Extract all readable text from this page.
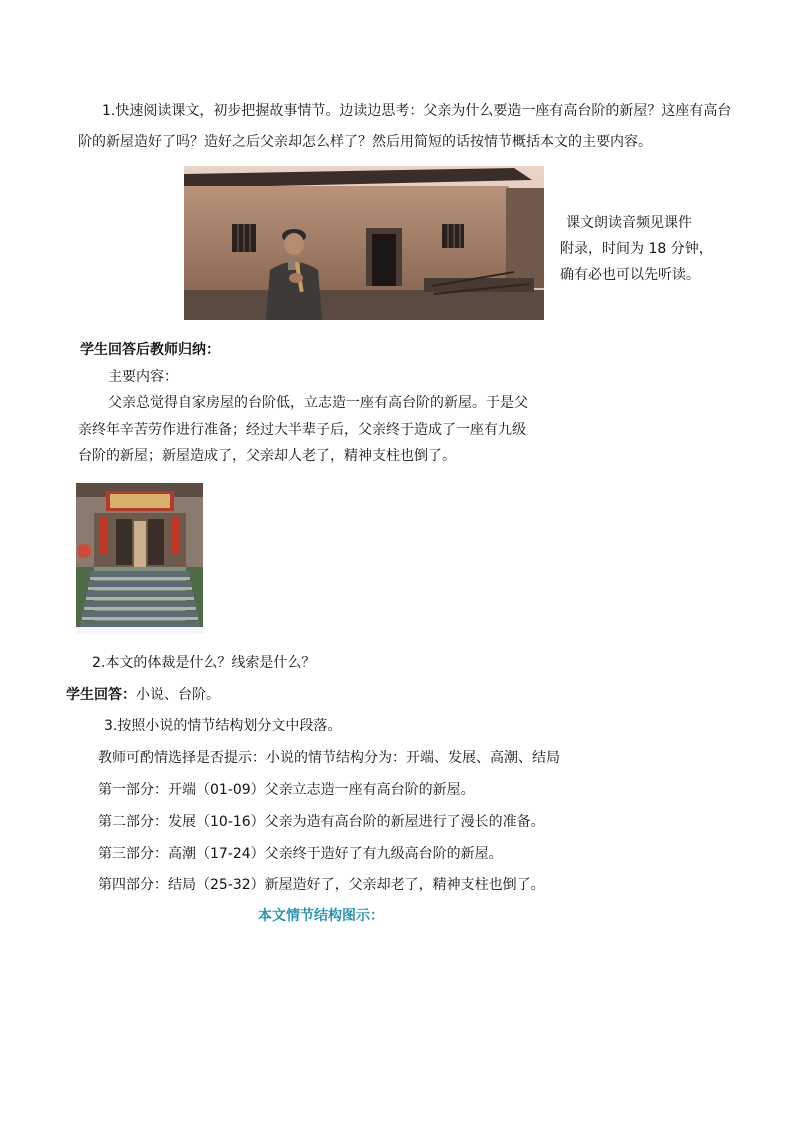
1.快速阅读课文，初步把握故事情节。边读边思考：父亲为什么要造一座有高台阶的新屋？这座有高台
阶的新屋造好了吗？造好之后父亲却怎么样了？然后用简短的话按情节概括本文的主要内容。
课文朗读音频见课件
附录，时间为 18 分钟，
确有必也可以先听读。
学生回答后教师归纳：
主要内容：
父亲总觉得自家房屋的台阶低，立志造一座有高台阶的新屋。于是父
亲终年辛苦劳作进行准备；经过大半辈子后，父亲终于造成了一座有九级
台阶的新屋；新屋造成了，父亲却人老了，精神支柱也倒了。
2.本文的体裁是什么？线索是什么？
学生回答：小说、台阶。
3.按照小说的情节结构划分文中段落。
教师可酌情选择是否提示：小说的情节结构分为：开端、发展、高潮、结局
第一部分：开端（01-09）父亲立志造一座有高台阶的新屋。
第二部分：发展（10-16）父亲为造有高台阶的新屋进行了漫长的准备。
第三部分：高潮（17-24）父亲终于造好了有九级高台阶的新屋。
第四部分：结局（25-32）新屋造好了，父亲却老了，精神支柱也倒了。
本文情节结构图示：
